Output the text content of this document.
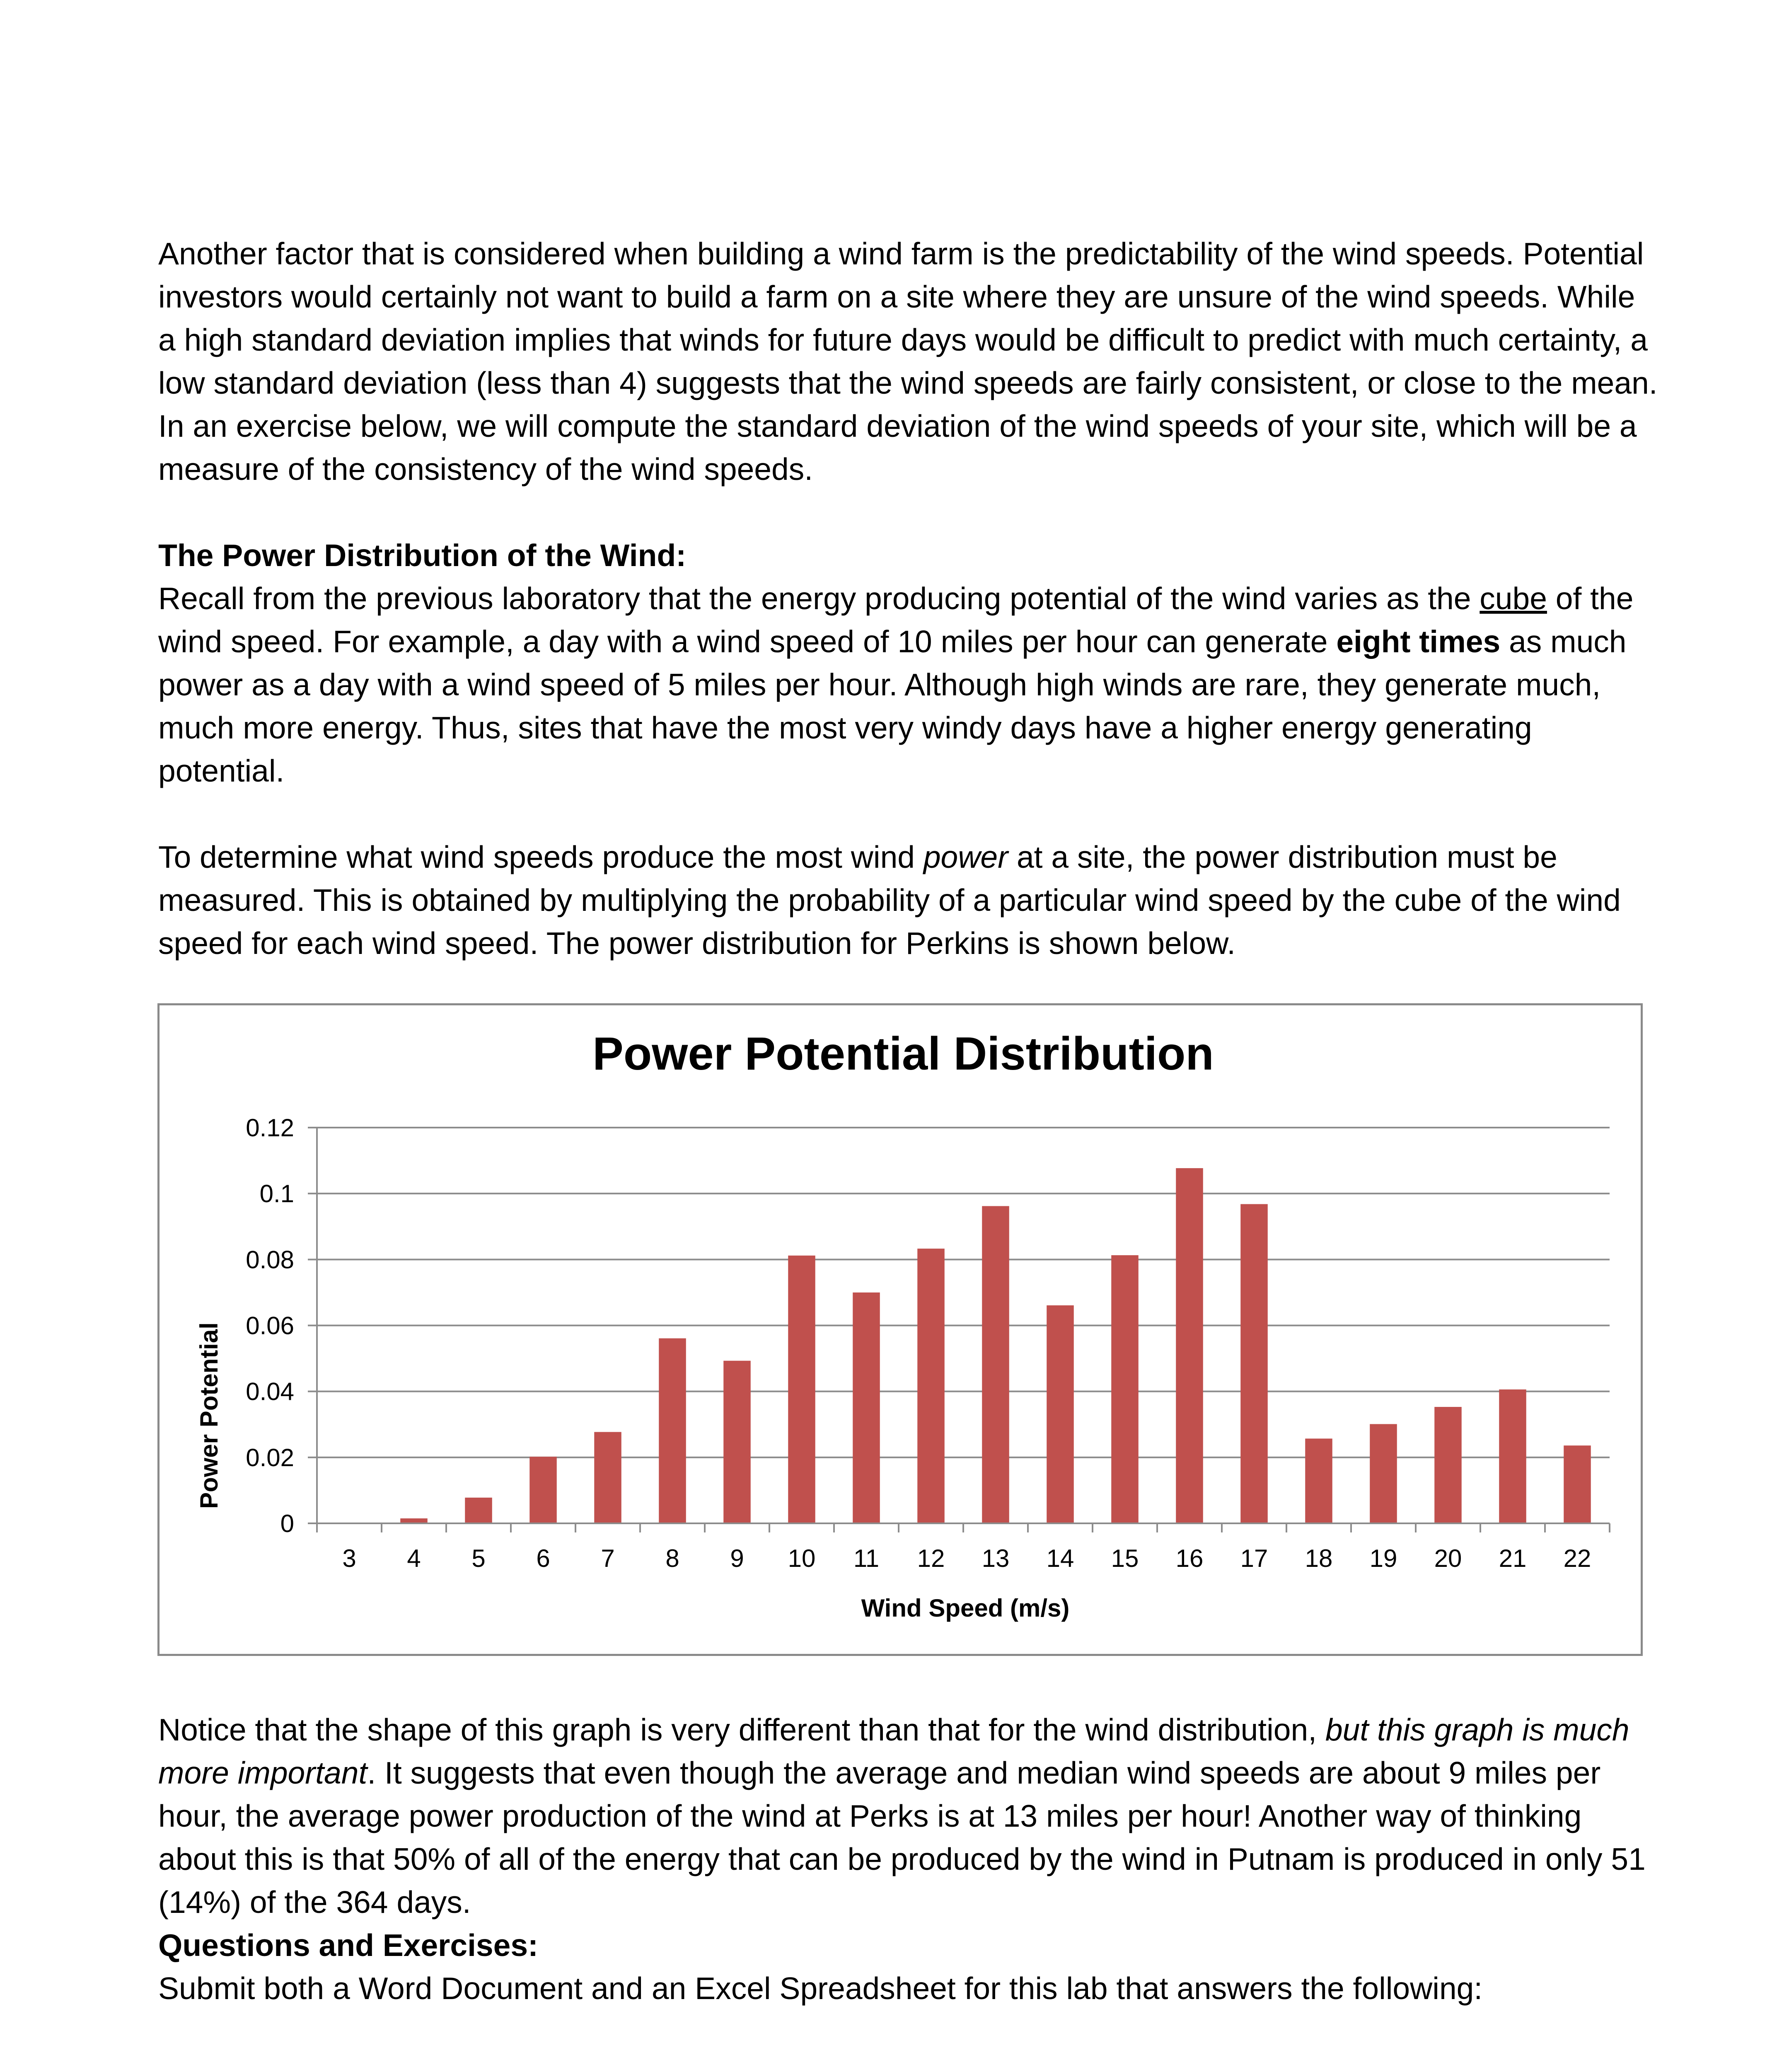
Another factor that is considered when building a wind farm is the predictability of the wind speeds. Potential investors would certainly not want to build a farm on a site where they are unsure of the wind speeds. While a high standard deviation implies that winds for future days would be difficult to predict with much certainty, a low standard deviation (less than 4) suggests that the wind speeds are fairly consistent, or close to the mean. In an exercise below, we will compute the standard deviation of the wind speeds of your site, which will be a measure of the consistency of the wind speeds.

The Power Distribution of the Wind:
Recall from the previous laboratory that the energy producing potential of the wind varies as the cube of the wind speed. For example, a day with a wind speed of 10 miles per hour can generate eight times as much power as a day with a wind speed of 5 miles per hour. Although high winds are rare, they generate much, much more energy. Thus, sites that have the most very windy days have a higher energy generating potential.

To determine what wind speeds produce the most wind power at a site, the power distribution must be measured. This is obtained by multiplying the probability of a particular wind speed by the cube of the wind speed for each wind speed. The power distribution for Perkins is shown below.

Power Potential Distribution
0
0.02
0.04
0.06
0.08
0.1
0.12
3 4 5 6 7 8 9 10 11 12 13 14 15 16 17 18 19 20 21 22
Wind Speed (m/s)
Power Potential

Notice that the shape of this graph is very different than that for the wind distribution, but this graph is much more important. It suggests that even though the average and median wind speeds are about 9 miles per hour, the average power production of the wind at Perks is at 13 miles per hour! Another way of thinking about this is that 50% of all of the energy that can be produced by the wind in Putnam is produced in only 51 (14%) of the 364 days.
Questions and Exercises:
Submit both a Word Document and an Excel Spreadsheet for this lab that answers the following:
